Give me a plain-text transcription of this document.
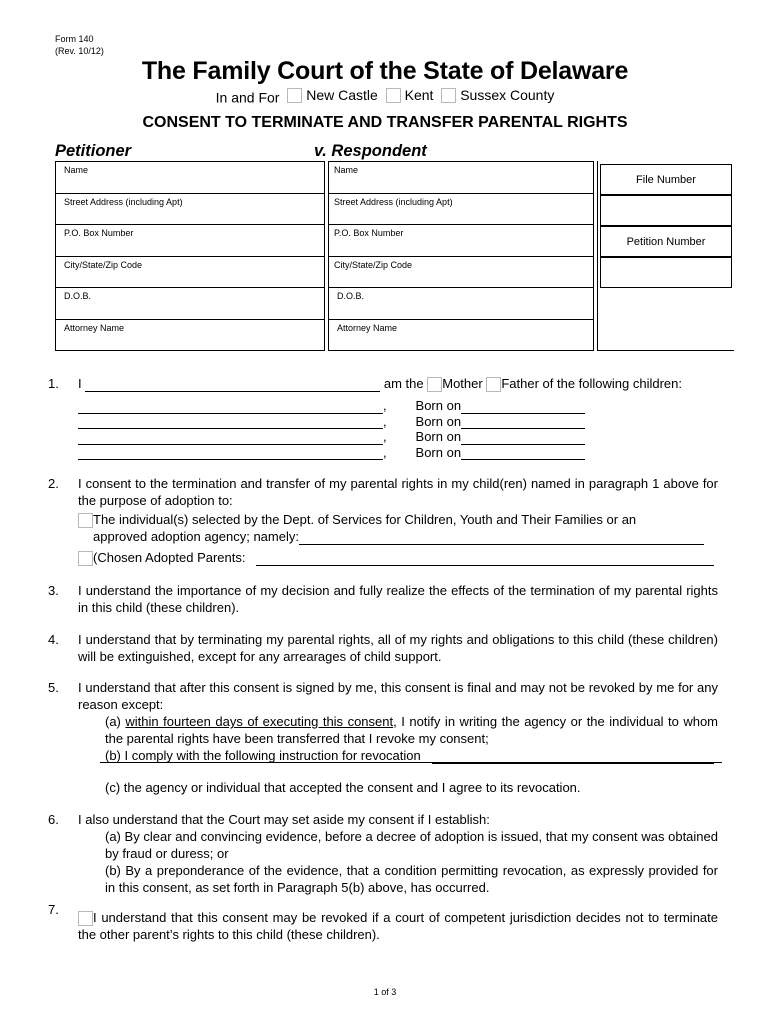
Form 140
(Rev. 10/12)
The Family Court of the State of Delaware
In and For
New Castle

Kent

Sussex County
CONSENT TO TERMINATE AND TRANSFER PARENTAL RIGHTS
Petitioner	v. Respondent
Name
Street Address (including Apt)
P.O. Box Number
City/State/Zip Code
D.O.B.
Attorney Name
Name
Street Address (including Apt)
P.O. Box Number
City/State/Zip Code
D.O.B.
Attorney Name
File Number
Petition Number
1. I	am the Mother Father of the following children:
, Born on
, Born on
, Born on
, Born on
2. I consent to the termination and transfer of my parental rights in my child(ren) named in paragraph 1 above for the purpose of adoption to:
The individual(s) selected by the Dept. of Services for Children, Youth and Their Families or an
approved adoption agency; namely:
(Chosen Adopted Parents:
3. I understand the importance of my decision and fully realize the effects of the termination of my parental rights in this child (these children).
4. I understand that by terminating my parental rights, all of my rights and obligations to this child (these children) will be extinguished, except for any arrearages of child support.
5. I understand that after this consent is signed by me, this consent is final and may not be revoked by me for any reason except:
(a) within fourteen days of executing this consent, I notify in writing the agency or the individual to whom the parental rights have been transferred that I revoke my consent;
(b) I comply with the following instruction for revocation
(c) the agency or individual that accepted the consent and I agree to its revocation.
6. I also understand that the Court may set aside my consent if I establish:
(a) By clear and convincing evidence, before a decree of adoption is issued, that my consent was obtained by fraud or duress; or
(b) By a preponderance of the evidence, that a condition permitting revocation, as expressly provided for in this consent, as set forth in Paragraph 5(b) above, has occurred.
7.
I understand that this consent may be revoked if a court of competent jurisdiction decides not to terminate the other parent’s rights to this child (these children).
1 of 3
